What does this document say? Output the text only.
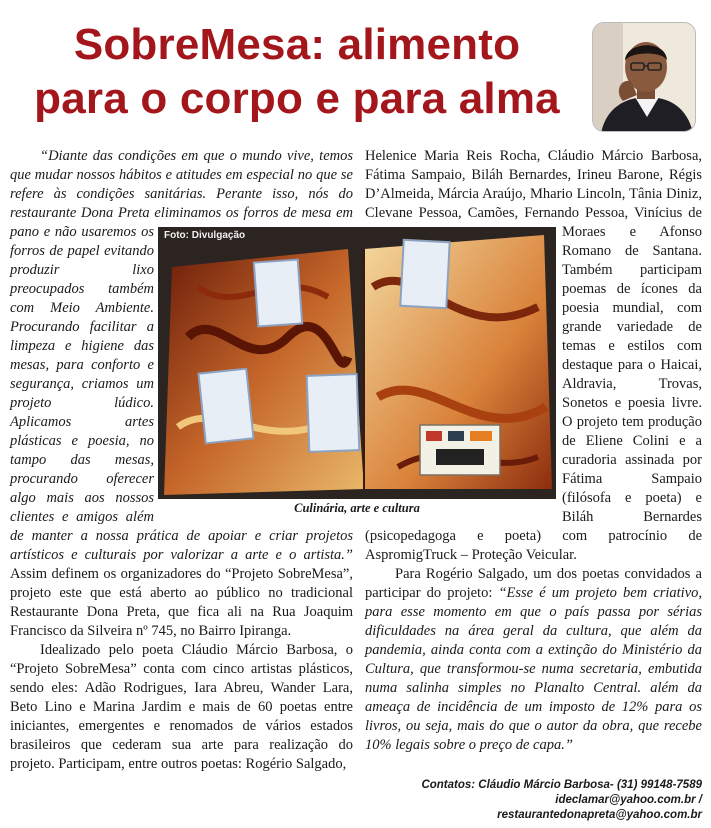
SobreMesa: alimento
para o corpo e para alma

“Diante das condições em que o mundo vive, temos que mudar nossos hábitos e atitudes em especial no que se refere às condições sanitárias. Perante isso, nós do restaurante Dona Preta eliminamos os forros de mesa em pano e não usaremos os forros de papel evitando produzir lixo preocupados também com Meio Ambiente. Procurando facilitar a limpeza e higiene das mesas, para conforto e segurança, criamos um projeto lúdico. Aplicamos artes plásticas e poesia, no tampo das mesas, procurando oferecer algo mais aos nossos clientes e amigos além de manter a nossa prática de apoiar e criar projetos artísticos e culturais por valorizar a arte e o artista.” Assim definem os organizadores do “Projeto SobreMesa”, projeto este que está aberto ao público no tradicional Restaurante Dona Preta, que fica ali na Rua Joaquim Francisco da Silveira nº 745, no Bairro Ipiranga.

Idealizado pelo poeta Cláudio Márcio Barbosa, o “Projeto SobreMesa” conta com cinco artistas plásticos, sendo eles: Adão Rodrigues, Iara Abreu, Wander Lara, Beto Lino e Marina Jardim e mais de 60 poetas entre iniciantes, emergentes e renomados de vários estados brasileiros que cederam sua arte para realização do projeto. Participam, entre outros poetas: Rogério Salgado,

Helenice Maria Reis Rocha, Cláudio Márcio Barbosa, Fátima Sampaio, Biláh Bernardes, Irineu Barone, Régis D’Almeida, Márcia Araújo, Mhario Lincoln, Tânia Diniz, Clevane Pessoa, Camões, Fernando Pessoa, Vinícius de Moraes e Afonso Romano de Santana. Também participam poemas de ícones da poesia mundial, com grande variedade de temas e estilos com destaque para o Haicai, Aldravia, Trovas, Sonetos e poesia livre. O projeto tem produção de Eliene Colini e a curadoria assinada por Fátima Sampaio (filósofa e poeta) e Biláh Bernardes (psicopedagoga e poeta) com patrocínio de AspromigTruck – Proteção Veicular.

Para Rogério Salgado, um dos poetas convidados a participar do projeto: “Esse é um projeto bem criativo, para esse momento em que o país passa por sérias dificuldades na área geral da cultura, que além da pandemia, ainda conta com a extinção do Ministério da Cultura, que transformou-se numa secretaria, embutida numa salinha simples no Planalto Central. além da ameaça de incidência de um imposto de 12% para os livros, ou seja, mais do que o autor da obra, que recebe 10% legais sobre o preço de capa.”

Foto: Divulgação
Culinária, arte e cultura
Contatos: Cláudio Márcio Barbosa- (31) 99148-7589
ideclamar@yahoo.com.br /
restaurantedonapreta@yahoo.com.br
